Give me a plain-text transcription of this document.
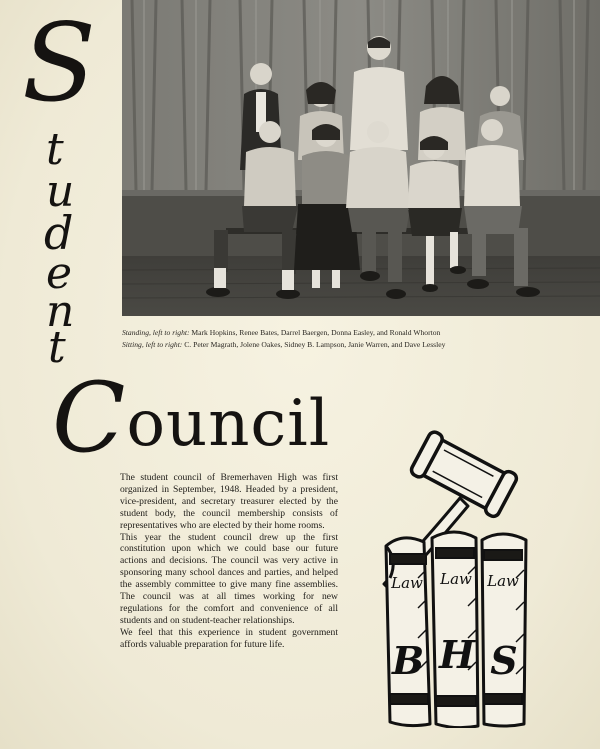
S
t
u
d
e
n
t
Council
Standing, left to right: Mark Hopkins, Renee Bates, Darrel Baergen, Donna Easley, and Ronald Whorton
Sitting, left to right: C. Peter Magrath, Jolene Oakes, Sidney B. Lampson, Janie Warren, and Dave Lessley

The student council of Bremerhaven High was first organized in September, 1948. Headed by a president, vice-president, and secretary treasurer elected by the student body, the council membership consists of representatives who are elected by their home rooms.

This year the student council drew up the first constitution upon which we could base our future actions and decisions. The council was very active in sponsoring many school dances and parties, and helped the assembly committee to give many fine assemblies. The council was at all times working for new regulations for the comfort and convenience of all students and on student-teacher relationships.

We feel that this experience in student government affords valuable preparation for future life.

Law Law Law
B H S
